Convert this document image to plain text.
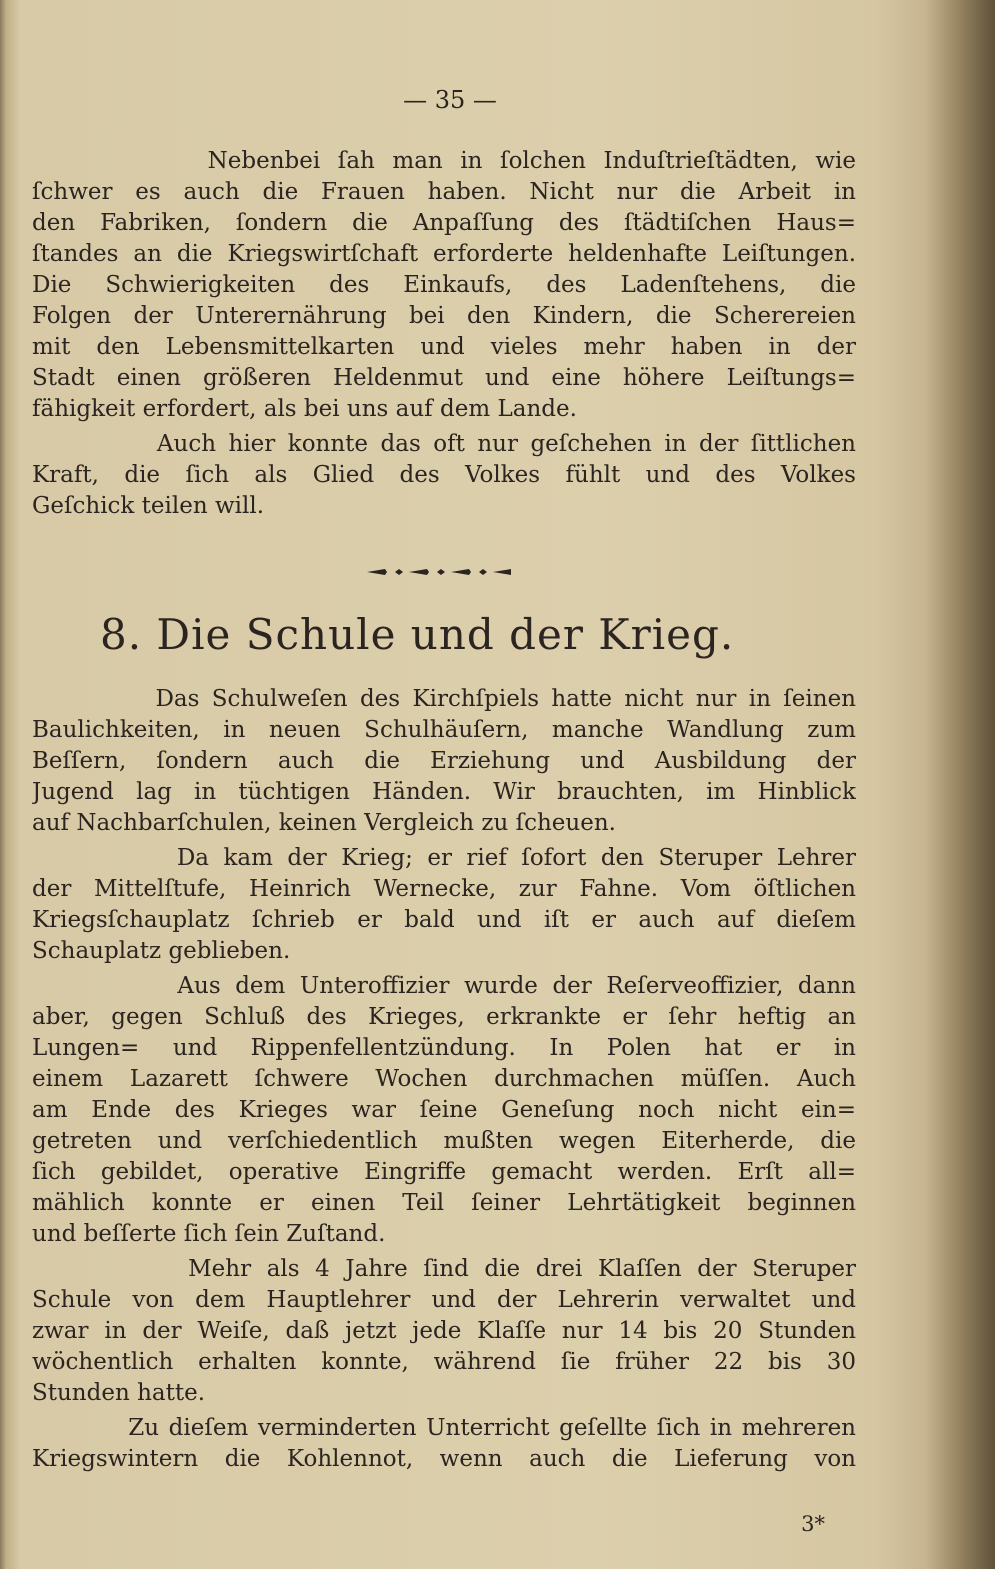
— 35 —
Nebenbei ſah man in ſolchen Induſtrieſtädten, wie
ſchwer es auch die Frauen haben. Nicht nur die Arbeit in
den Fabriken, ſondern die Anpaſſung des ſtädtiſchen Haus=
ſtandes an die Kriegswirtſchaft erforderte heldenhafte Leiſtungen.
Die Schwierigkeiten des Einkaufs, des Ladenſtehens, die
Folgen der Unterernährung bei den Kindern, die Scherereien
mit den Lebensmittelkarten und vieles mehr haben in der
Stadt einen größeren Heldenmut und eine höhere Leiſtungs=
fähigkeit erfordert, als bei uns auf dem Lande.
Auch hier konnte das oft nur geſchehen in der ſittlichen
Kraft, die ſich als Glied des Volkes fühlt und des Volkes
Geſchick teilen will.
8. Die Schule und der Krieg.
Das Schulweſen des Kirchſpiels hatte nicht nur in ſeinen
Baulichkeiten, in neuen Schulhäuſern, manche Wandlung zum
Beſſern, ſondern auch die Erziehung und Ausbildung der
Jugend lag in tüchtigen Händen. Wir brauchten, im Hinblick
auf Nachbarſchulen, keinen Vergleich zu ſcheuen.
Da kam der Krieg; er rief ſofort den Steruper Lehrer
der Mittelſtufe, Heinrich Wernecke, zur Fahne. Vom öſtlichen
Kriegsſchauplatz ſchrieb er bald und iſt er auch auf dieſem
Schauplatz geblieben.
Aus dem Unteroffizier wurde der Reſerveoffizier, dann
aber, gegen Schluß des Krieges, erkrankte er ſehr heftig an
Lungen= und Rippenfellentzündung. In Polen hat er in
einem Lazarett ſchwere Wochen durchmachen müſſen. Auch
am Ende des Krieges war ſeine Geneſung noch nicht ein=
getreten und verſchiedentlich mußten wegen Eiterherde, die
ſich gebildet, operative Eingriffe gemacht werden. Erſt all=
mählich konnte er einen Teil ſeiner Lehrtätigkeit beginnen
und beſſerte ſich ſein Zuſtand.
Mehr als 4 Jahre ſind die drei Klaſſen der Steruper
Schule von dem Hauptlehrer und der Lehrerin verwaltet und
zwar in der Weiſe, daß jetzt jede Klaſſe nur 14 bis 20 Stunden
wöchentlich erhalten konnte, während ſie früher 22 bis 30
Stunden hatte.
Zu dieſem verminderten Unterricht geſellte ſich in mehreren
Kriegswintern die Kohlennot, wenn auch die Lieferung von
3*
